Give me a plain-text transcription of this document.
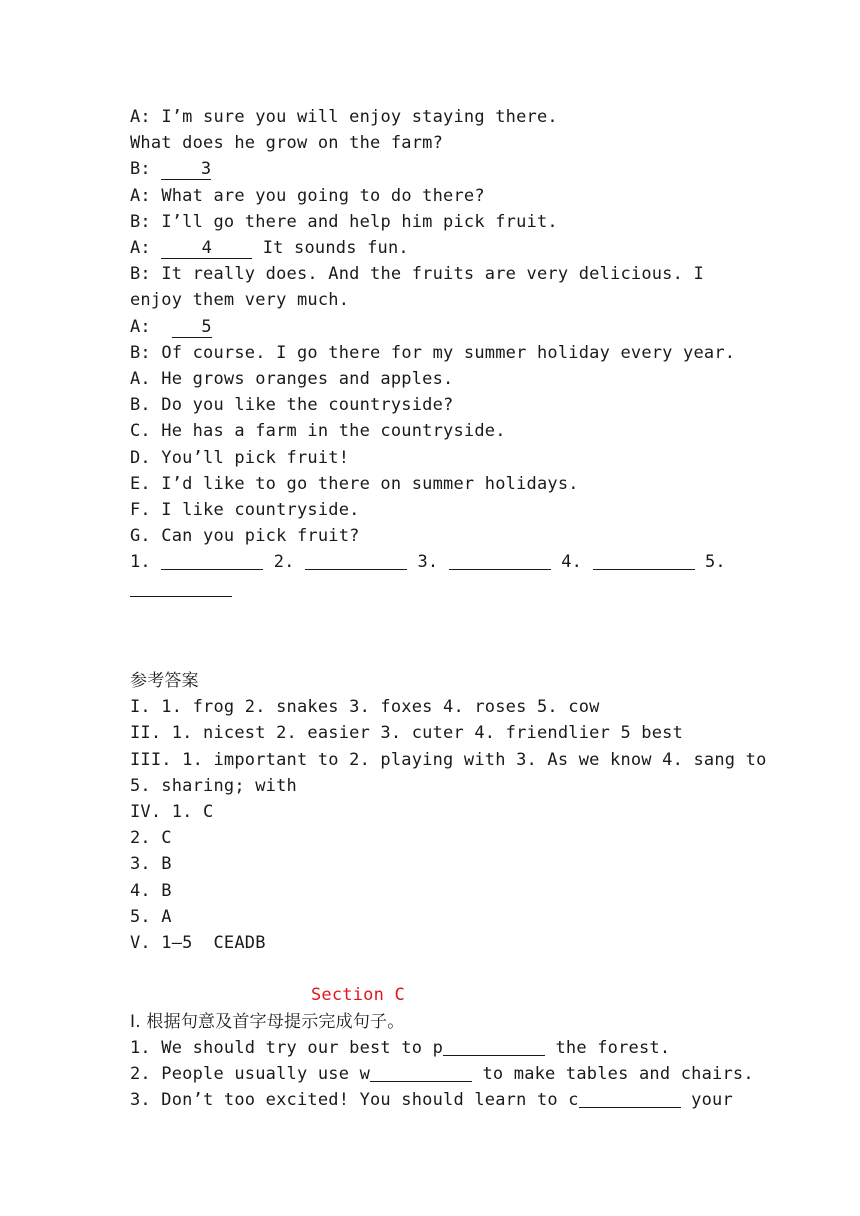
A: I’m sure you will enjoy staying there.
What does he grow on the farm?
B:	3
A: What are you going to do there?
B: I’ll go there and help him pick fruit.
A:	4	It sounds fun.
B: It really does. And the fruits are very delicious. I enjoy them very much.
A:	5
B: Of course. I go there for my summer holiday every year.
A. He grows oranges and apples.
B. Do you like the countryside?
C. He has a farm in the countryside.
D. You’ll pick fruit!
E. I’d like to go there on summer holidays.
F. I like countryside.
G. Can you pick fruit?
1.	2.	3.	4.	5.
参考答案
I. 1. frog 2. snakes 3. foxes 4. roses 5. cow
II. 1. nicest 2. easier 3. cuter 4. friendlier 5 best
III. 1. important to 2. playing with 3. As we know 4. sang to
5. sharing; with
IV. 1. C
2. C
3. B
4. B
5. A
V. 1—5  CEADB
Section C
I. 根据句意及首字母提示完成句子。
1. We should try our best to p	the forest.
2. People usually use w	to make tables and chairs.
3. Don’t too excited! You should learn to c	your
